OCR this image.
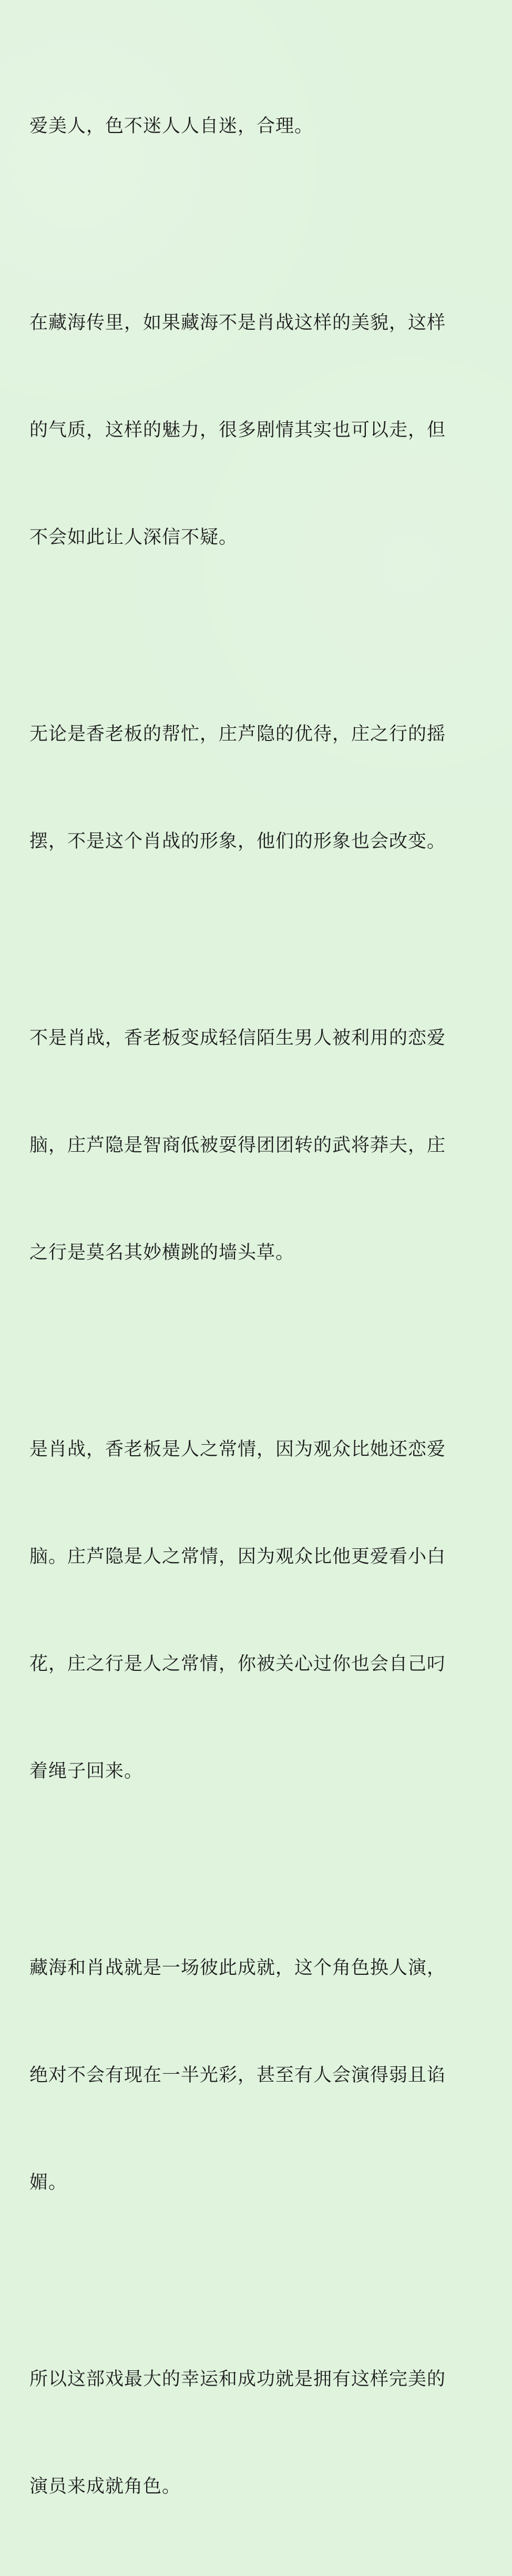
爱美人，色不迷人人自迷，合理。

在藏海传里，如果藏海不是肖战这样的美貌，这样

的气质，这样的魅力，很多剧情其实也可以走，但

不会如此让人深信不疑。

无论是香老板的帮忙，庄芦隐的优待，庄之行的摇

摆，不是这个肖战的形象，他们的形象也会改变。

不是肖战，香老板变成轻信陌生男人被利用的恋爱

脑，庄芦隐是智商低被耍得团团转的武将莽夫，庄

之行是莫名其妙横跳的墙头草。

是肖战，香老板是人之常情，因为观众比她还恋爱

脑。庄芦隐是人之常情，因为观众比他更爱看小白

花，庄之行是人之常情，你被关心过你也会自己叼

着绳子回来。

藏海和肖战就是一场彼此成就，这个角色换人演，

绝对不会有现在一半光彩，甚至有人会演得弱且谄

媚。

所以这部戏最大的幸运和成功就是拥有这样完美的

演员来成就角色。
